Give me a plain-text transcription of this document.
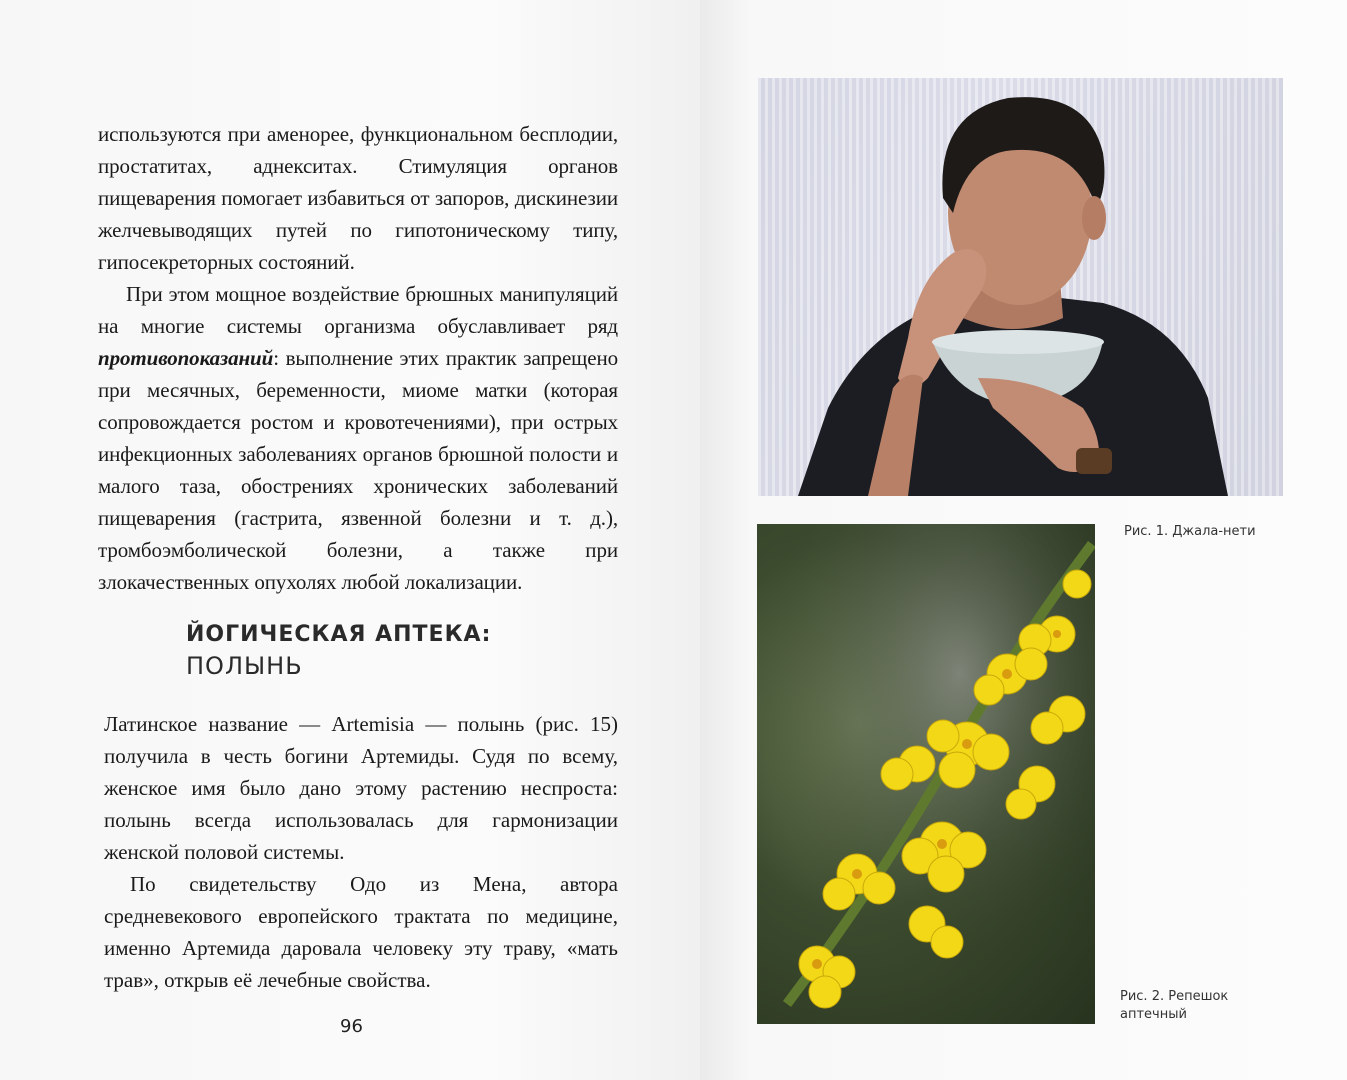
используются при аменорее, функциональном бесплодии, простатитах, аднекситах. Стимуляция органов пищеварения помогает избавиться от запоров, дискинезии желчевыводящих путей по гипотоническому типу, гипосекреторных состояний.

При этом мощное воздействие брюшных манипуляций на многие системы организма обуславливает ряд противопоказаний: выполнение этих практик запрещено при месячных, беременности, миоме матки (которая сопровождается ростом и кровотечениями), при острых инфекционных заболеваниях органов брюшной полости и малого таза, обострениях хронических заболеваний пищеварения (гастрита, язвенной болезни и т. д.), тромбоэмболической болезни, а также при злокачественных опухолях любой локализации.

ЙОГИЧЕСКАЯ АПТЕКА:
ПОЛЫНЬ

Латинское название — Artemisia — полынь (рис. 15) получила в честь богини Артемиды. Судя по всему, женское имя было дано этому растению неспроста: полынь всегда использовалась для гармонизации женской половой системы.

По свидетельству Одо из Мена, автора средневекового европейского трактата по медицине, именно Артемида даровала человеку эту траву, «мать трав», открыв её лечебные свойства.

96
Рис. 1. Джала-нети
Рис. 2. Репешок аптечный
